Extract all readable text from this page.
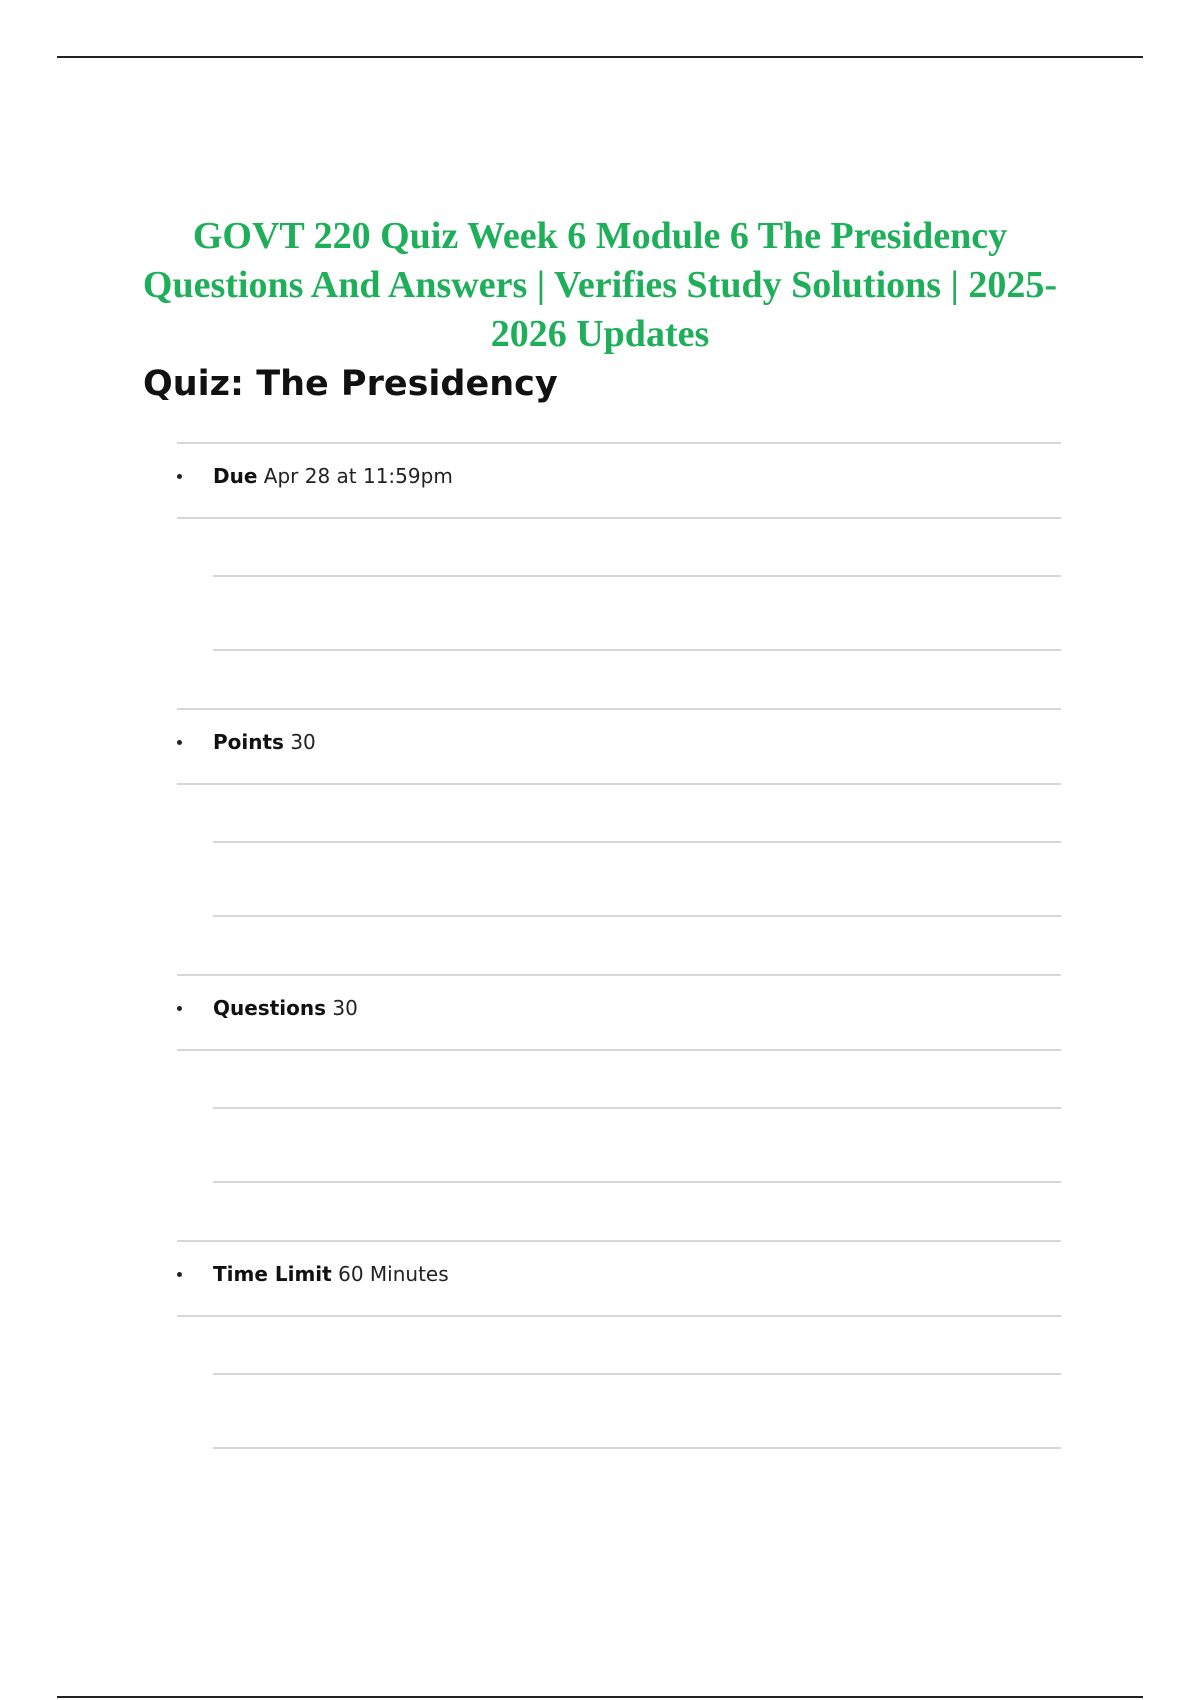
GOVT 220 Quiz Week 6 Module 6 The Presidency Questions And Answers | Verifies Study Solutions | 2025-2026 Updates
Quiz: The Presidency
Due Apr 28 at 11:59pm
Points 30
Questions 30
Time Limit 60 Minutes
